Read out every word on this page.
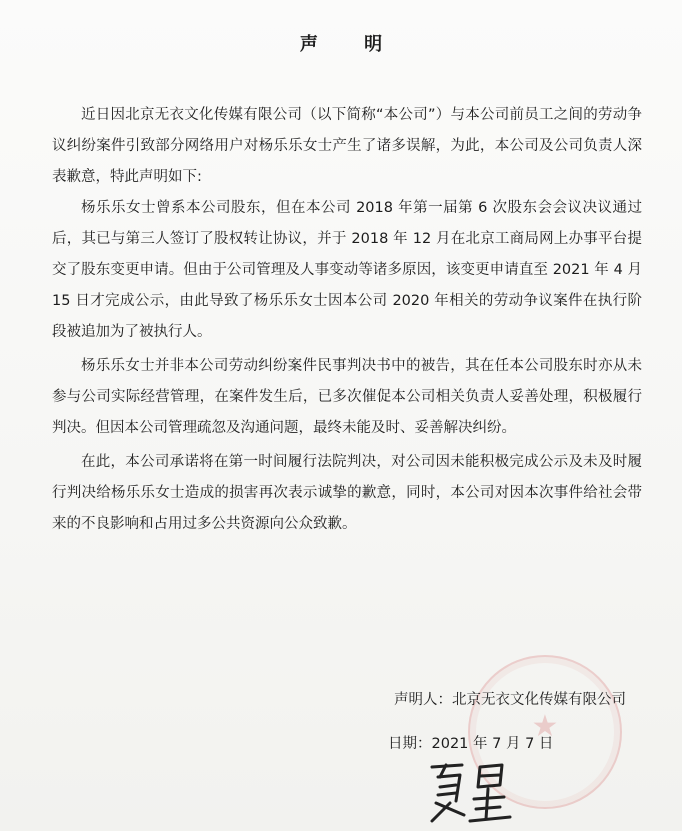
★
声 明

近日因北京无衣文化传媒有限公司（以下简称“本公司”）与本公司前员工之间的劳动争议纠纷案件引致部分网络用户对杨乐乐女士产生了诸多误解，为此，本公司及公司负责人深表歉意，特此声明如下:

杨乐乐女士曾系本公司股东，但在本公司 2018 年第一届第 6 次股东会会议决议通过后，其已与第三人签订了股权转让协议，并于 2018 年 12 月在北京工商局网上办事平台提交了股东变更申请。但由于公司管理及人事变动等诸多原因，该变更申请直至 2021 年 4 月 15 日才完成公示，由此导致了杨乐乐女士因本公司 2020 年相关的劳动争议案件在执行阶段被追加为了被执行人。

杨乐乐女士并非本公司劳动纠纷案件民事判决书中的被告，其在任本公司股东时亦从未参与公司实际经营管理，在案件发生后，已多次催促本公司相关负责人妥善处理，积极履行判决。但因本公司管理疏忽及沟通问题，最终未能及时、妥善解决纠纷。

在此，本公司承诺将在第一时间履行法院判决，对公司因未能积极完成公示及未及时履行判决给杨乐乐女士造成的损害再次表示诚挚的歉意，同时，本公司对因本次事件给社会带来的不良影响和占用过多公共资源向公众致歉。

声明人：北京无衣文化传媒有限公司
日期：2021 年 7 月 7 日
